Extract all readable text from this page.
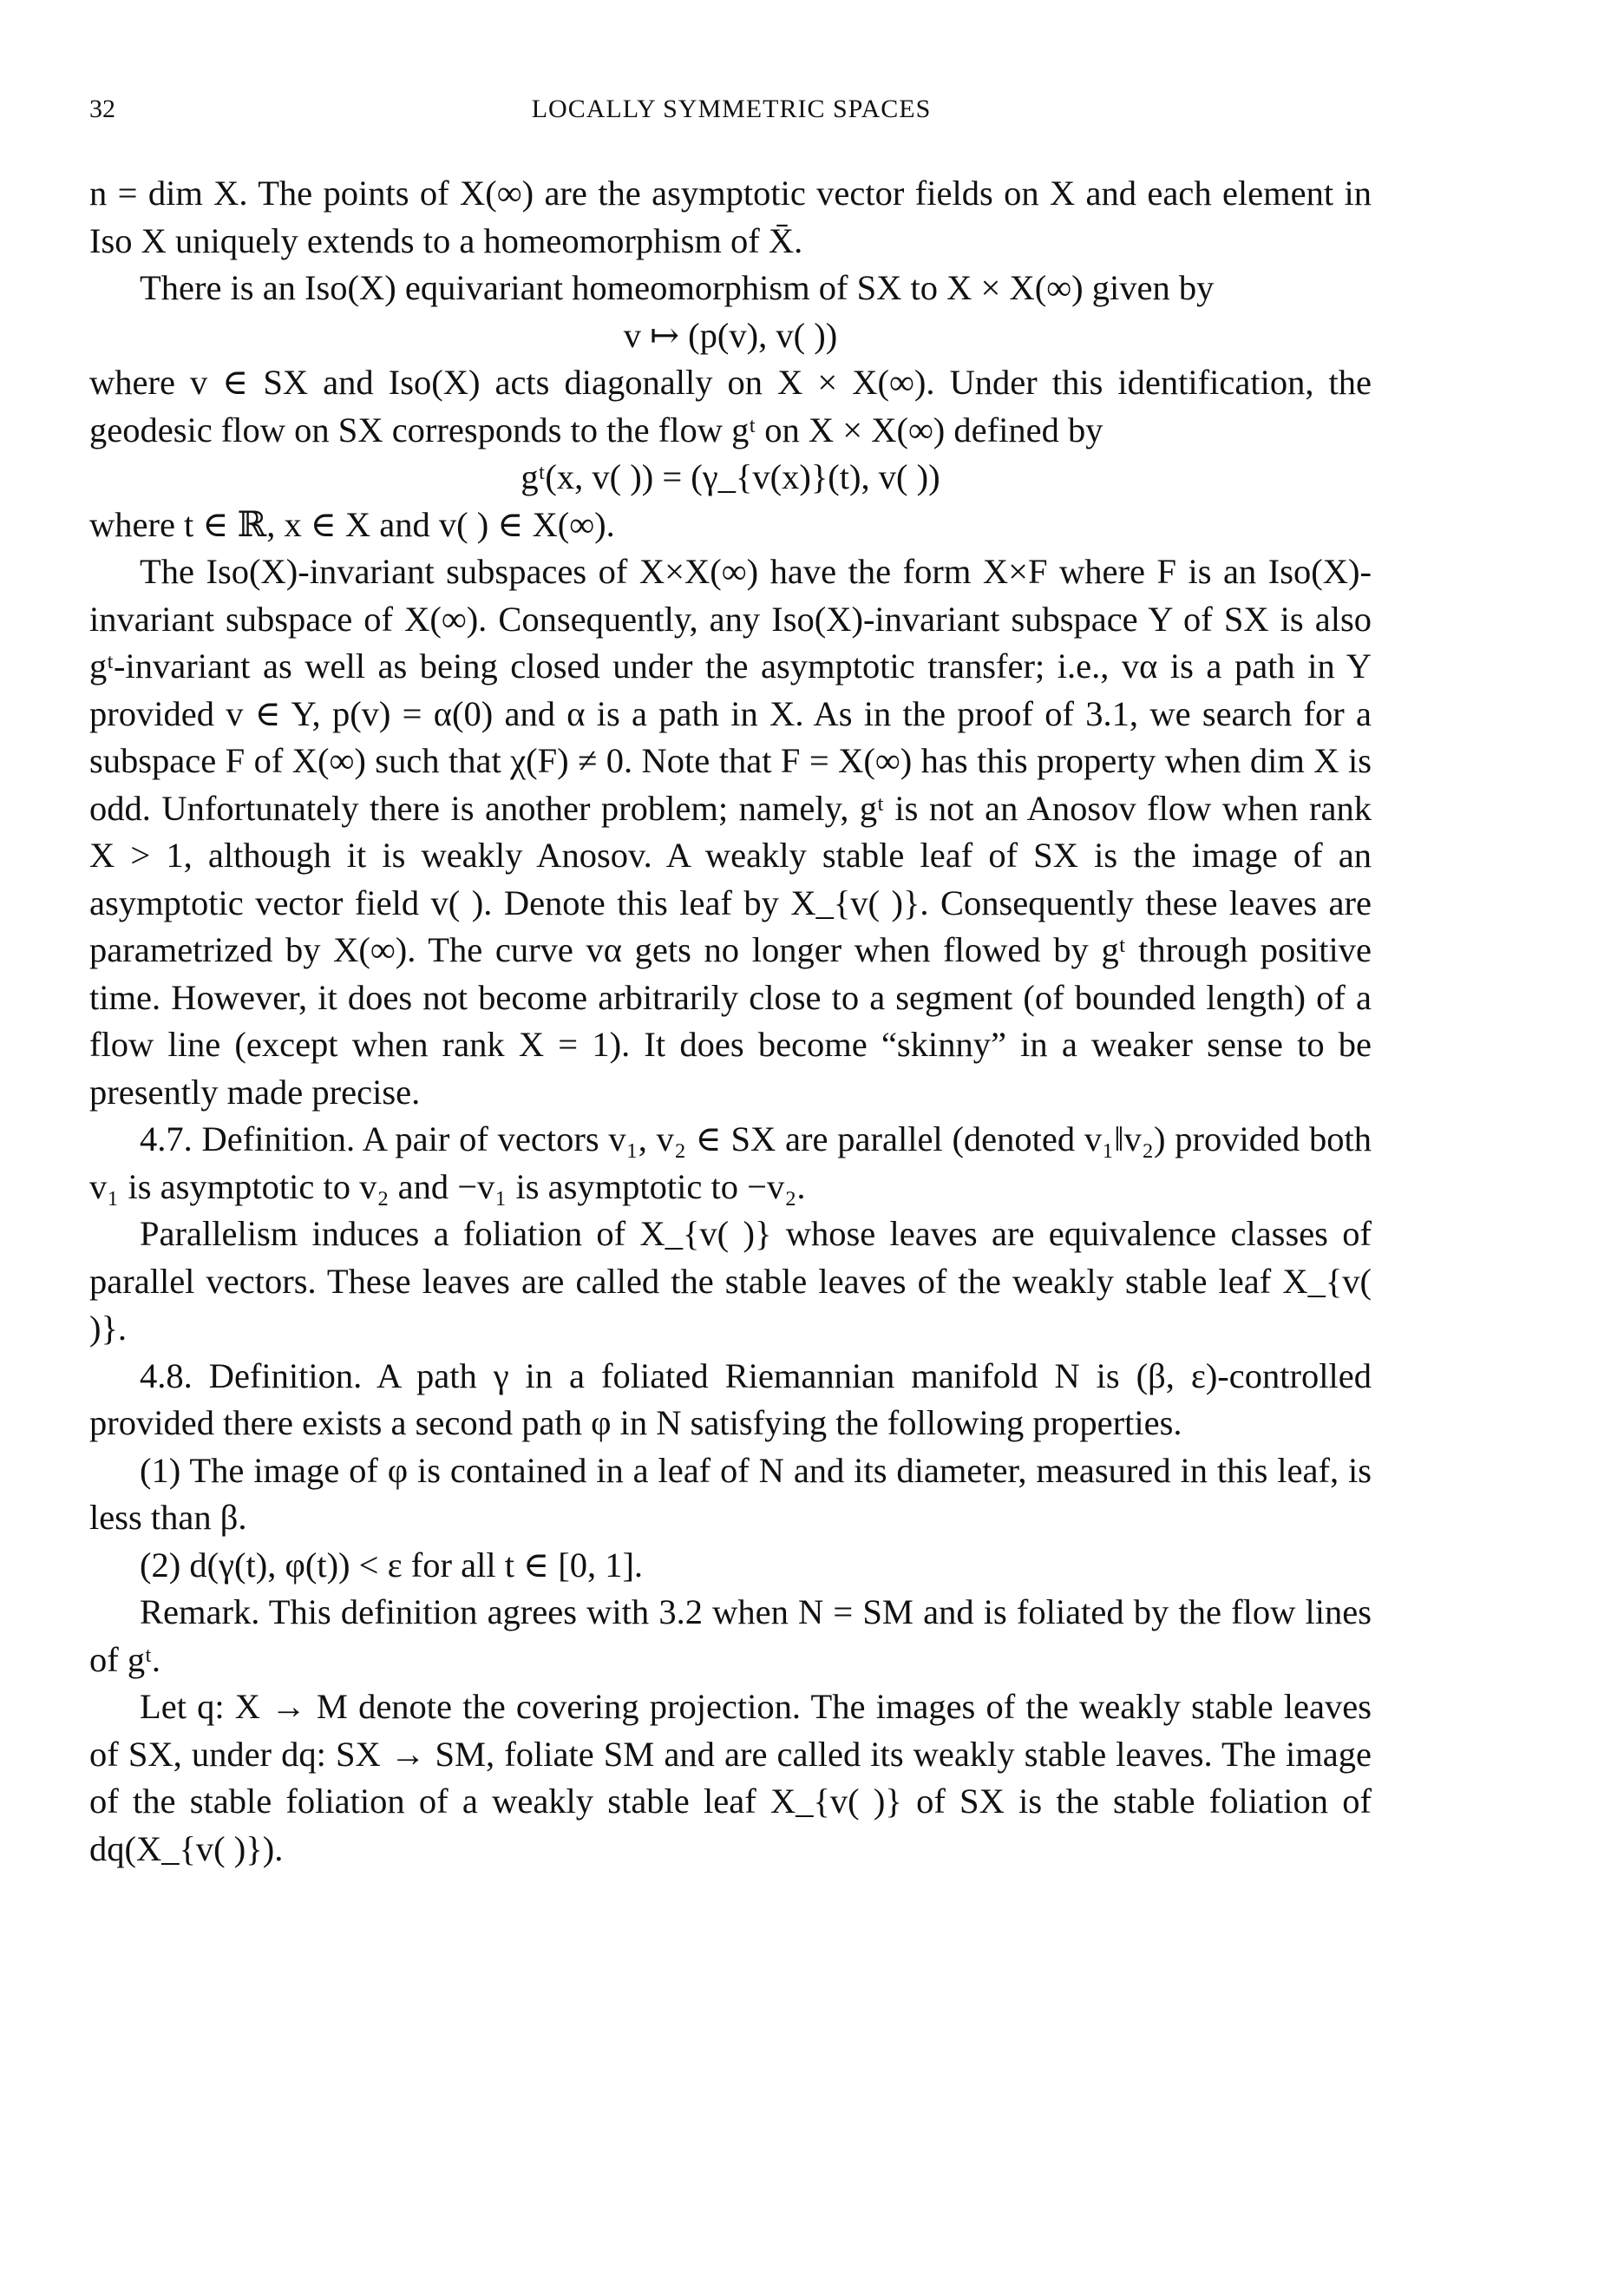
32	LOCALLY SYMMETRIC SPACES

n = dim X. The points of X(∞) are the asymptotic vector fields on X and each element in Iso X uniquely extends to a homeomorphism of X̄.

There is an Iso(X) equivariant homeomorphism of SX to X × X(∞) given by

v ↦ (p(v), v( ))

where v ∈ SX and Iso(X) acts diagonally on X × X(∞). Under this identification, the geodesic flow on SX corresponds to the flow gᵗ on X × X(∞) defined by

gᵗ(x, v( )) = (γ_{v(x)}(t), v( ))

where t ∈ ℝ, x ∈ X and v( ) ∈ X(∞).

The Iso(X)-invariant subspaces of X×X(∞) have the form X×F where F is an Iso(X)-invariant subspace of X(∞). Consequently, any Iso(X)-invariant subspace Y of SX is also gᵗ-invariant as well as being closed under the asymptotic transfer; i.e., vα is a path in Y provided v ∈ Y, p(v) = α(0) and α is a path in X. As in the proof of 3.1, we search for a subspace F of X(∞) such that χ(F) ≠ 0. Note that F = X(∞) has this property when dim X is odd. Unfortunately there is another problem; namely, gᵗ is not an Anosov flow when rank X > 1, although it is weakly Anosov. A weakly stable leaf of SX is the image of an asymptotic vector field v( ). Denote this leaf by X_{v( )}. Consequently these leaves are parametrized by X(∞). The curve vα gets no longer when flowed by gᵗ through positive time. However, it does not become arbitrarily close to a segment (of bounded length) of a flow line (except when rank X = 1). It does become “skinny” in a weaker sense to be presently made precise.

4.7. Definition. A pair of vectors v₁, v₂ ∈ SX are parallel (denoted v₁‖v₂) provided both v₁ is asymptotic to v₂ and −v₁ is asymptotic to −v₂.

Parallelism induces a foliation of X_{v( )} whose leaves are equivalence classes of parallel vectors. These leaves are called the stable leaves of the weakly stable leaf X_{v( )}.

4.8. Definition. A path γ in a foliated Riemannian manifold N is (β, ε)-controlled provided there exists a second path φ in N satisfying the following properties.

(1) The image of φ is contained in a leaf of N and its diameter, measured in this leaf, is less than β.

(2) d(γ(t), φ(t)) < ε for all t ∈ [0, 1].

Remark. This definition agrees with 3.2 when N = SM and is foliated by the flow lines of gᵗ.

Let q: X → M denote the covering projection. The images of the weakly stable leaves of SX, under dq: SX → SM, foliate SM and are called its weakly stable leaves. The image of the stable foliation of a weakly stable leaf X_{v( )} of SX is the stable foliation of dq(X_{v( )}).
